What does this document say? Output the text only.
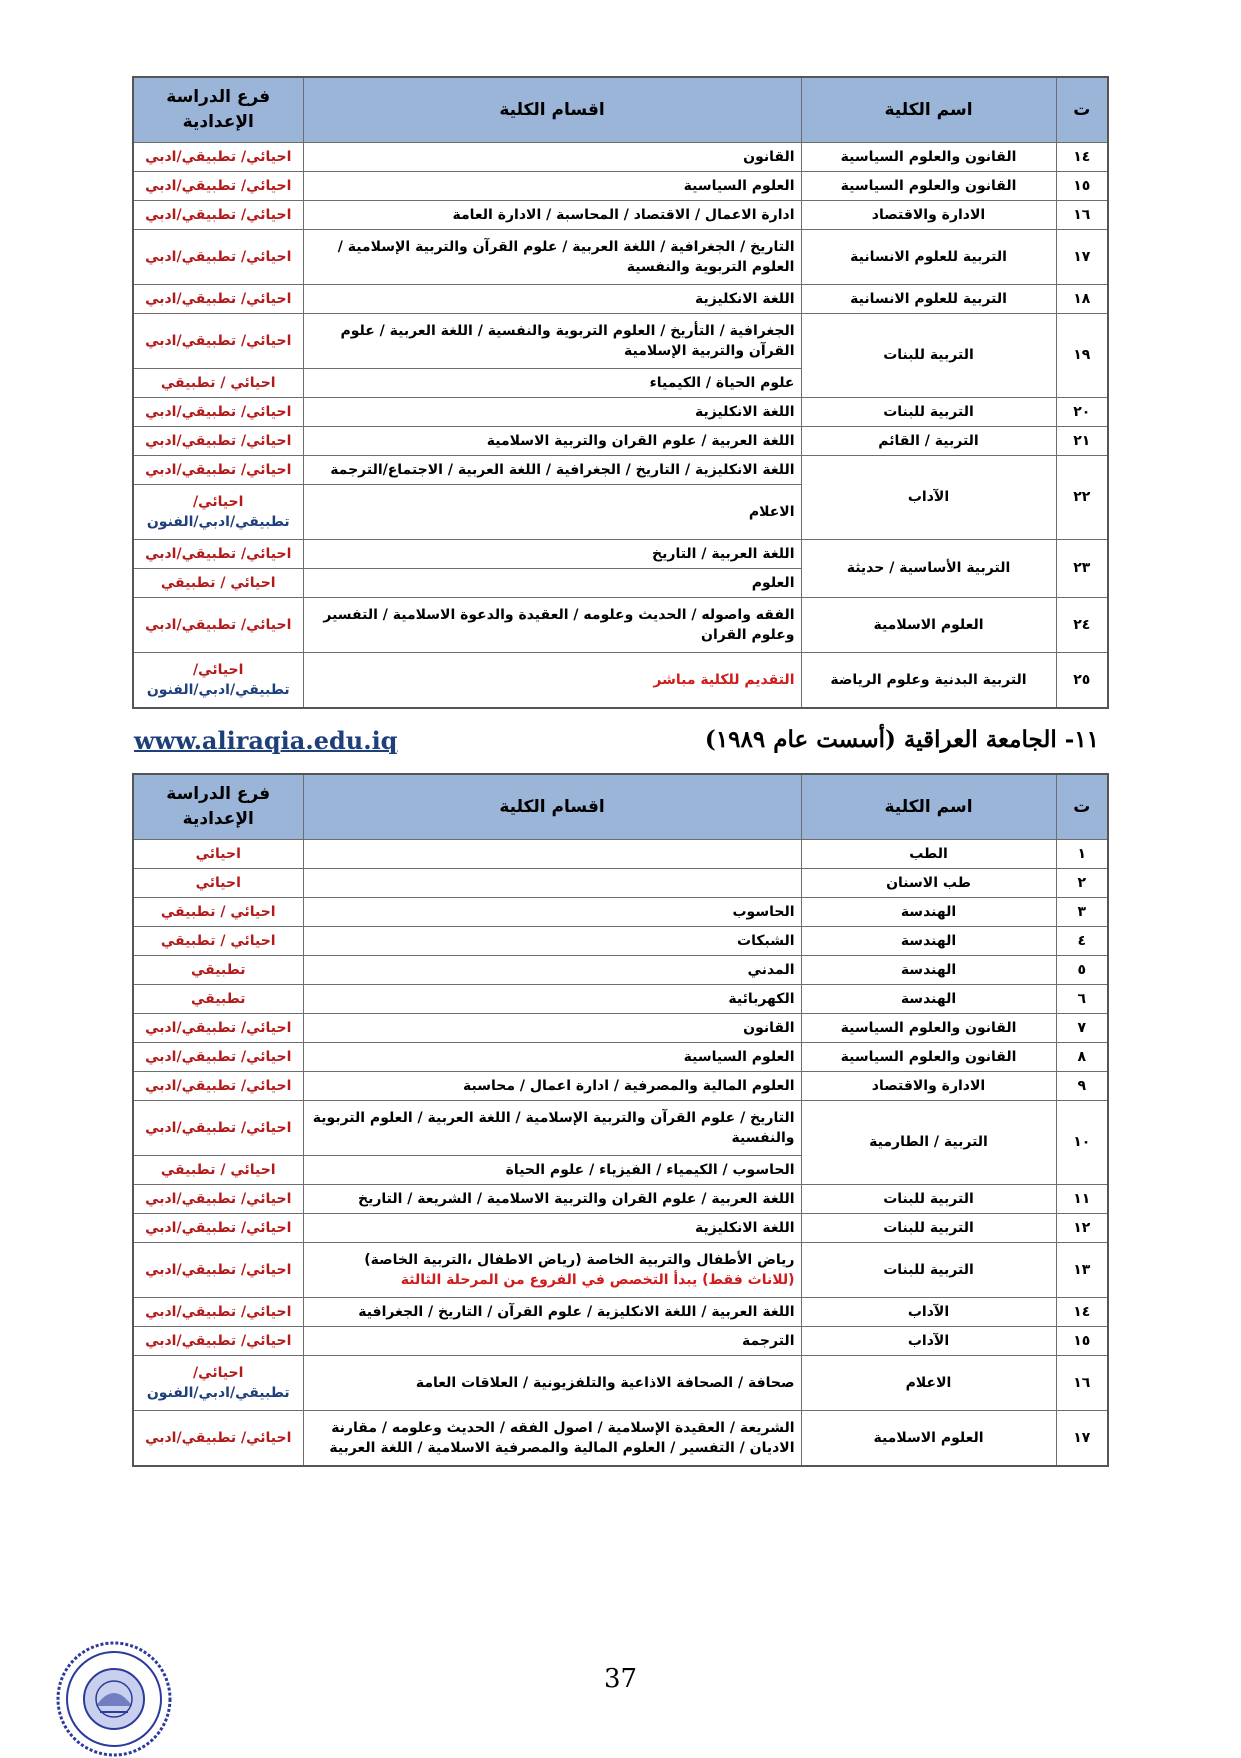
ت	اسم الكلية	اقسام الكلية	فرع الدراسة
الإعدادية
١٤	القانون والعلوم السياسية	القانون	احيائي/ تطبيقي/ادبي
١٥	القانون والعلوم السياسية	العلوم السياسية	احيائي/ تطبيقي/ادبي
١٦	الادارة والاقتصاد	ادارة الاعمال / الاقتصاد / المحاسبة / الادارة العامة	احيائي/ تطبيقي/ادبي
١٧	التربية للعلوم الانسانية	التاريخ / الجغرافية / اللغة العربية / علوم القرآن والتربية الإسلامية / العلوم التربوية والنفسية	احيائي/ تطبيقي/ادبي
١٨	التربية للعلوم الانسانية	اللغة الانكليزية	احيائي/ تطبيقي/ادبي
١٩	التربية للبنات	الجغرافية / التأريخ / العلوم التربوية والنفسية / اللغة العربية / علوم القرآن والتربية الإسلامية	احيائي/ تطبيقي/ادبي
		علوم الحياة / الكيمياء	احيائي / تطبيقي
٢٠	التربية للبنات	اللغة الانكليزية	احيائي/ تطبيقي/ادبي
٢١	التربية / القائم	اللغة العربية / علوم القران والتربية الاسلامية	احيائي/ تطبيقي/ادبي
٢٢	الآداب	اللغة الانكليزية / التاريخ / الجغرافية / اللغة العربية / الاجتماع/الترجمة	احيائي/ تطبيقي/ادبي
		الاعلام	احيائي/
تطبيقي/ادبي/الفنون
٢٣	التربية الأساسية / حديثة	اللغة العربية / التاريخ	احيائي/ تطبيقي/ادبي
		العلوم	احيائي / تطبيقي
٢٤	العلوم الاسلامية	الفقه واصوله / الحديث وعلومه / العقيدة والدعوة الاسلامية / التفسير وعلوم القران	احيائي/ تطبيقي/ادبي
٢٥	التربية البدنية وعلوم الرياضة	التقديم للكلية مباشر	احيائي/
تطبيقي/ادبي/الفنون
١١- الجامعة العراقية (أسست عام ١٩٨٩)
www.aliraqia.edu.iq
ت	اسم الكلية	اقسام الكلية	فرع الدراسة
الإعدادية
١	الطب		احيائي
٢	طب الاسنان		احيائي
٣	الهندسة	الحاسوب	احيائي / تطبيقي
٤	الهندسة	الشبكات	احيائي / تطبيقي
٥	الهندسة	المدني	تطبيقي
٦	الهندسة	الكهربائية	تطبيقي
٧	القانون والعلوم السياسية	القانون	احيائي/ تطبيقي/ادبي
٨	القانون والعلوم السياسية	العلوم السياسية	احيائي/ تطبيقي/ادبي
٩	الادارة والاقتصاد	العلوم المالية والمصرفية / ادارة اعمال / محاسبة	احيائي/ تطبيقي/ادبي
١٠	التربية / الطارمية	التاريخ / علوم القرآن والتربية الإسلامية / اللغة العربية / العلوم التربوية والنفسية	احيائي/ تطبيقي/ادبي
		الحاسوب / الكيمياء / الفيزياء / علوم الحياة	احيائي / تطبيقي
١١	التربية للبنات	اللغة العربية / علوم القران والتربية الاسلامية / الشريعة / التاريخ	احيائي/ تطبيقي/ادبي
١٢	التربية للبنات	اللغة الانكليزية	احيائي/ تطبيقي/ادبي
١٣	التربية للبنات	رياض الأطفال والتربية الخاصة (رياض الاطفال ،التربية الخاصة)
(للاناث فقط) يبدأ التخصص في الفروع من المرحلة الثالثة	احيائي/ تطبيقي/ادبي
١٤	الآداب	اللغة العربية / اللغة الانكليزية / علوم القرآن / التاريخ / الجغرافية	احيائي/ تطبيقي/ادبي
١٥	الآداب	الترجمة	احيائي/ تطبيقي/ادبي
١٦	الاعلام	صحافة / الصحافة الاذاعية والتلفزيونية / العلاقات العامة	احيائي/
تطبيقي/ادبي/الفنون
١٧	العلوم الاسلامية	الشريعة / العقيدة الإسلامية / اصول الفقه / الحديث وعلومه / مقارنة الاديان / التفسير / العلوم المالية والمصرفية الاسلامية / اللغة العربية	احيائي/ تطبيقي/ادبي
37
